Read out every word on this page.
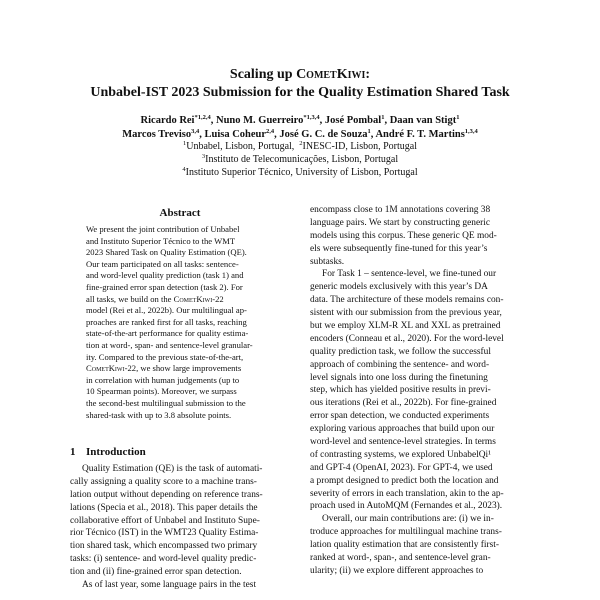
Scaling up CometKiwi:
Unbabel-IST 2023 Submission for the Quality Estimation Shared Task
Ricardo Rei$^{*1,2,4}$, Nuno M. Guerreiro$^{*1,3,4}$, José Pombal$^1$, Daan van Stigt$^1$
Marcos Treviso$^{3,4}$, Luisa Coheur$^{2,4}$, José G. C. de Souza$^1$, André F. T. Martins$^{1,3,4}$
$^1$Unbabel, Lisbon, Portugal, $^2$INESC-ID, Lisbon, Portugal
$^3$Instituto de Telecomunicações, Lisbon, Portugal
$^4$Instituto Superior Técnico, University of Lisbon, Portugal
Abstract
We present the joint contribution of Unbabel
and Instituto Superior Técnico to the WMT
2023 Shared Task on Quality Estimation (QE).
Our team participated on all tasks: sentence-
and word-level quality prediction (task 1) and
fine-grained error span detection (task 2). For
all tasks, we build on the CometKiwi-22
model (Rei et al., 2022b). Our multilingual ap-
proaches are ranked first for all tasks, reaching
state-of-the-art performance for quality estima-
tion at word-, span- and sentence-level granular-
ity. Compared to the previous state-of-the-art,
CometKiwi-22, we show large improvements
in correlation with human judgements (up to
10 Spearman points). Moreover, we surpass
the second-best multilingual submission to the
shared-task with up to 3.8 absolute points.
1 Introduction
Quality Estimation (QE) is the task of automati-
cally assigning a quality score to a machine trans-
lation output without depending on reference trans-
lations (Specia et al., 2018). This paper details the
collaborative effort of Unbabel and Instituto Supe-
rior Técnico (IST) in the WMT23 Quality Estima-
tion shared task, which encompassed two primary
tasks: (i) sentence- and word-level quality predic-
tion and (ii) fine-grained error span detection.
As of last year, some language pairs in the test
encompass close to 1M annotations covering 38
language pairs. We start by constructing generic
models using this corpus. These generic QE mod-
els were subsequently fine-tuned for this year’s
subtasks.
For Task 1 – sentence-level, we fine-tuned our
generic models exclusively with this year’s DA
data. The architecture of these models remains con-
sistent with our submission from the previous year,
but we employ XLM-R XL and XXL as pretrained
encoders (Conneau et al., 2020). For the word-level
quality prediction task, we follow the successful
approach of combining the sentence- and word-
level signals into one loss during the finetuning
step, which has yielded positive results in previ-
ous iterations (Rei et al., 2022b). For fine-grained
error span detection, we conducted experiments
exploring various approaches that build upon our
word-level and sentence-level strategies. In terms
of contrasting systems, we explored UnbabelQi¹
and GPT-4 (OpenAI, 2023). For GPT-4, we used
a prompt designed to predict both the location and
severity of errors in each translation, akin to the ap-
proach used in AutoMQM (Fernandes et al., 2023).
Overall, our main contributions are: (i) we in-
troduce approaches for multilingual machine trans-
lation quality estimation that are consistently first-
ranked at word-, span-, and sentence-level gran-
ularity; (ii) we explore different approaches to
